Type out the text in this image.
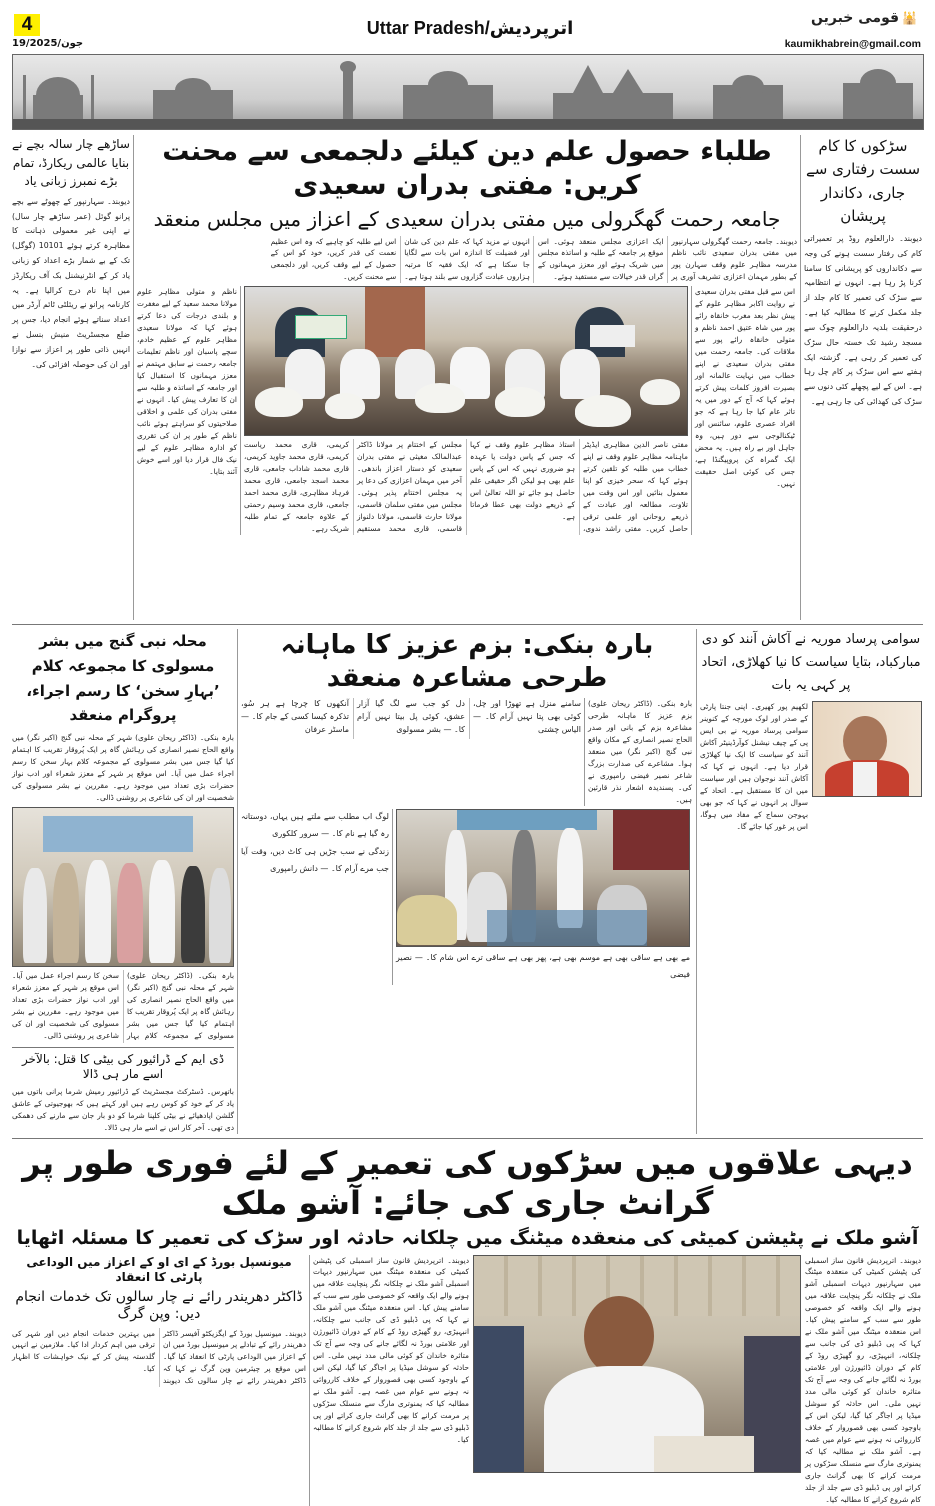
4
19/جون/2025
Uttar Pradesh/اترپردیش	قومی خبریں 🕌
kaumikhabrein@gmail.com
ساڑھے چار سالہ بچے نے بنایا عالمی ریکارڈ، تمام بڑے نمبرز زبانی یاد
دیوبند۔ سہارنپور کے چھوٹے سے بچے پرانو گوئل (عمر ساڑھے چار سال) نے اپنی غیر معمولی ذہانت کا مظاہرہ کرتے ہوئے 10101 (گوگل) تک کے بے شمار بڑے اعداد کو زبانی یاد کر کے انٹرنیشنل بک آف ریکارڈز میں اپنا نام درج کرالیا ہے۔ یہ کارنامہ پرانو نے ریئلٹی ٹائم آرڈر میں اعداد سناتے ہوئے انجام دیا، جس پر ضلع مجسٹریٹ منیش بنسل نے انہیں ذاتی طور پر اعزاز سے نوازا اور ان کی حوصلہ افزائی کی۔
طلباء حصول علم دین کیلئے دلجمعی سے محنت کریں: مفتی بدران سعیدی
جامعہ رحمت گھگرولی میں مفتی بدران سعیدی کے اعزاز میں مجلس منعقد

دیوبند۔ جامعہ رحمت گھگرولی سہارنپور میں مفتی بدران سعیدی نائب ناظم مدرسہ مظاہر علوم وقف سہارن پور کے بطور مہمان اعزازی تشریف آوری پر ایک اعزازی مجلس منعقد ہوئی۔ اس موقع پر جامعہ کے طلبہ و اساتذہ مجلس میں شریک ہوئے اور معزز مہمانوں کے گراں قدر خیالات سے مستفید ہوئے۔

انہوں نے مزید کہا کہ علم دین کی شان اور فضیلت کا اندازہ اس بات سے لگایا جا سکتا ہے کہ ایک فقیہ کا مرتبہ ہزاروں عبادت گزاروں سے بلند ہوتا ہے۔ اس لیے طلبہ کو چاہیے کہ وہ اس عظیم نعمت کی قدر کریں، خود کو اس کے حصول کے لیے وقف کریں، اور دلجمعی سے محنت کریں۔

ناظم و متولی مظاہر علوم مولانا محمد سعید کے لیے مغفرت و بلندی درجات کی دعا کرتے ہوئے کہا کہ مولانا سعیدی مظاہر علوم کے عظیم خادم، سچے پاسبان اور ناظم تعلیمات جامعہ رحمت نے سابق مہتمم نے معزز مہمانوں کا استقبال کیا اور جامعہ کے اساتذہ و طلبہ سے ان کا تعارف پیش کیا۔ انہوں نے مفتی بدران کی علمی و اخلاقی صلاحیتوں کو سراہتے ہوئے نائب ناظم کے طور پر ان کی تقرری کو ادارہ مظاہر علوم کے لیے نیک فال قرار دیا اور اسے خوش آئند بتایا۔

مفتی ناصر الدین مظاہری ایڈیٹر ماہنامہ مظاہر علوم وقف نے اپنے خطاب میں طلبہ کو تلقین کرتے ہوئے کہا کہ سحر خیزی کو اپنا معمول بنائیں اور اس وقت میں تلاوت، مطالعہ اور عبادت کے ذریعے روحانی اور علمی ترقی حاصل کریں۔ مفتی راشد ندوی، استاذ مظاہر علوم وقف نے کہا کہ جس کے پاس دولت یا عہدہ ہو ضروری نہیں کہ اس کے پاس علم بھی ہو لیکن اگر حقیقی علم حاصل ہو جائے تو اللہ تعالیٰ اس کے ذریعے دولت بھی عطا فرماتا ہے۔

مجلس کے اختتام پر مولانا ڈاکٹر عبدالمالک مغیثی نے مفتی بدران سعیدی کو دستار اعزاز باندھی۔ آخر میں مہمان اعزازی کی دعا پر یہ مجلس اختتام پذیر ہوئی۔ مجلس میں مفتی سلمان قاسمی، مولانا حارث قاسمی، مولانا دلنواز قاسمی، قاری محمد مستقیم کریمی، قاری محمد ریاست کریمی، قاری محمد جاوید کریمی، قاری محمد شاداب جامعی، قاری محمد اسجد جامعی، قاری محمد فرہاد مظاہری، قاری محمد احمد جامعی، قاری محمد وسیم رحمتی کے علاوہ جامعہ کے تمام طلبہ شریک رہے۔

اس سے قبل مفتی بدران سعیدی نے روایت اکابر مظاہر علوم کے پیش نظر بعد مغرب خانقاہ رائے پور میں شاہ عتیق احمد ناظم و متولی خانقاہ رائے پور سے ملاقات کی۔ جامعہ رحمت میں مفتی بدران سعیدی نے اپنے خطاب میں نہایت عالمانہ اور بصیرت افروز کلمات پیش کرتے ہوئے کہا کہ آج کے دور میں یہ تاثر عام کیا جا رہا ہے کہ جو افراد عصری علوم، سائنس اور ٹیکنالوجی سے دور ہیں، وہ جاہل اور بے راہ ہیں۔ یہ محض ایک گمراہ کن پروپیگنڈا ہے، جس کی کوئی اصل حقیقت نہیں۔
سڑکوں کا کام سست رفتاری سے جاری، دکاندار پریشان
دیوبند۔ دارالعلوم روڈ پر تعمیراتی کام کی رفتار سست ہونے کی وجہ سے دکانداروں کو پریشانی کا سامنا کرنا پڑ رہا ہے۔ انہوں نے انتظامیہ سے سڑک کی تعمیر کا کام جلد از جلد مکمل کرنے کا مطالبہ کیا ہے۔ درحقیقت بلدیہ دارالعلوم چوک سے مسجد رشید تک خستہ حال سڑک کی تعمیر کر رہی ہے۔ گزشتہ ایک ہفتے سے اس سڑک پر کام چل رہا ہے۔ اس کے لیے پچھلے کئی دنوں سے سڑک کی کھدائی کی جا رہی ہے۔
محلہ نبی گنج میں بشر مسولوی کا مجموعہ کلام ’بہارِ سخن‘ کا رسم اجراء، پروگرام منعقد
بارہ بنکی۔ (ڈاکٹر ریحان علوی) شہر کے محلہ نبی گنج (اکبر نگر) میں واقع الحاج نصیر انصاری کی رہائش گاہ پر ایک پُروقار تقریب کا اہتمام کیا گیا جس میں بشر مسولوی کے مجموعہ کلام بہار سخن کا رسم اجراء عمل میں آیا۔ اس موقع پر شہر کے معزز شعراء اور ادب نواز حضرات بڑی تعداد میں موجود رہے۔ مقررین نے بشر مسولوی کی شخصیت اور ان کی شاعری پر روشنی ڈالی۔

بارہ بنکی۔ (ڈاکٹر ریحان علوی) شہر کے محلہ نبی گنج (اکبر نگر) میں واقع الحاج نصیر انصاری کی رہائش گاہ پر ایک پُروقار تقریب کا اہتمام کیا گیا جس میں بشر مسولوی کے مجموعہ کلام بہار سخن کا رسم اجراء عمل میں آیا۔ اس موقع پر شہر کے معزز شعراء اور ادب نواز حضرات بڑی تعداد میں موجود رہے۔ مقررین نے بشر مسولوی کی شخصیت اور ان کی شاعری پر روشنی ڈالی۔

ڈی ایم کے ڈرائیور کی بیٹی کا قتل: بالآخر اسے مار ہی ڈالا
باتھرس۔ ڈسٹرکٹ مجسٹریٹ کے ڈرائیور رمیش شرما پرانی باتوں میں یاد کر کے خود کو کوس رہے ہیں اور کہتے ہیں کہ بھوجیوتی کے عاشق گلشن اپادھیائے نے بیٹی کلپنا شرما کو دو بار جان سے مارنے کی دھمکی دی تھی۔ آخر کار اس نے اسے مار ہی ڈالا۔
بارہ بنکی: بزم عزیز کا ماہانہ طرحی مشاعرہ منعقد

سامنے منزل ہے تھوڑا اور چل، کوئی بھی پتا نہیں آرام کا۔ — الیاس چشتی

دل کو جب سے لگ گیا آزار عشق، کوئی پل بیتا نہیں آرام کا۔ — بشر مسولوی

آنکھوں کا چرچا ہے ہر سُو، تذکرہ کیسا کسی کے جام کا۔ — ماسٹر عرفان

بارہ بنکی۔ (ڈاکٹر ریحان علوی) بزم عزیز کا ماہانہ طرحی مشاعرہ بزم کے بانی اور صدر الحاج نصیر انصاری کے مکان واقع نبی گنج (اکبر نگر) میں منعقد ہوا۔ مشاعرے کی صدارت بزرگ شاعر نصیر فیضی رامپوری نے کی۔ پسندیدہ اشعار نذر قارئین ہیں۔

لوگ اب مطلب سے ملتے ہیں یہاں، دوستانہ رہ گیا ہے نام کا۔ — سرور کلکوری

زندگی نے سب جڑیں ہی کاٹ دیں، وقت آیا جب مرے آرام کا۔ — دانش رامپوری

مے بھی ہے ساقی بھی ہے موسم بھی ہے، پھر بھی ہے ساقی ترے اس شام کا۔ — نصیر فیضی

سوامی پرساد موریہ نے آکاش آنند کو دی مبارکباد، بتایا سیاست کا نیا کھلاڑی، اتحاد پر کہی یہ بات
لکھیم پور کھیری۔ اپنی جنتا پارٹی کے صدر اور لوک مورچہ کے کنوینر سوامی پرساد موریہ نے بی ایس پی کے چیف نیشنل کوآرڈینیٹر آکاش آنند کو سیاست کا ایک نیا کھلاڑی قرار دیا ہے۔ انہوں نے کہا کہ آکاش آنند نوجوان ہیں اور سیاست میں ان کا مستقبل ہے۔ اتحاد کے سوال پر انہوں نے کہا کہ جو بھی بہوجن سماج کے مفاد میں ہوگا، اس پر غور کیا جائے گا۔
دیہی علاقوں میں سڑکوں کی تعمیر کے لئے فوری طور پر گرانٹ جاری کی جائے: آشو ملک
آشو ملک نے پٹیشن کمیٹی کی منعقدہ میٹنگ میں چلکانہ حادثہ اور سڑک کی تعمیر کا مسئلہ اٹھایا
میونسپل بورڈ کے ای او کے اعزاز میں الوداعی پارٹی کا انعقاد
ڈاکٹر دھریندر رائے نے چار سالوں تک خدمات انجام دیں: وپن گرگ

دیوبند۔ میونسپل بورڈ کے ایگزیکٹو آفیسر ڈاکٹر دھریندر رائے کے تبادلے پر میونسپل بورڈ میں ان کے اعزاز میں الوداعی پارٹی کا انعقاد کیا گیا۔ اس موقع پر چیئرمین وپن گرگ نے کہا کہ ڈاکٹر دھریندر رائے نے چار سالوں تک دیوبند میں بہترین خدمات انجام دیں اور شہر کی ترقی میں اہم کردار ادا کیا۔ ملازمین نے انہیں گلدستہ پیش کر کے نیک خواہشات کا اظہار کیا۔

دیوبند۔ اترپردیش قانون ساز اسمبلی کی پٹیشن کمیٹی کی منعقدہ میٹنگ میں سہارنپور دیہات اسمبلی آشو ملک نے چلکانہ نگر پنچایت علاقہ میں ہونے والے ایک واقعہ کو خصوصی طور سے سب کے سامنے پیش کیا۔ اس منعقدہ میٹنگ میں آشو ملک نے کہا کہ پی ڈبلیو ڈی کی جانب سے چلکانہ، انبہیڑی، رو گھیڑی روڈ کے کام کے دوران ڈائیورژن اور علامتی بورڈ نہ لگائے جانے کی وجہ سے آج تک متاثرہ خاندان کو کوئی مالی مدد نہیں ملی۔ اس حادثہ کو سوشل میڈیا پر اجاگر کیا گیا، لیکن اس کے باوجود کسی بھی قصوروار کے خلاف کارروائی نہ ہونے سے عوام میں غصہ ہے۔ آشو ملک نے مطالبہ کیا کہ یمنوتری مارگ سے منسلک سڑکوں پر مرمت کرانے کا بھی گرانٹ جاری کراتے اور پی ڈبلیو ڈی سے جلد از جلد کام شروع کرانے کا مطالبہ کیا۔
دیوبند۔ اترپردیش قانون ساز اسمبلی کی پٹیشن کمیٹی کی منعقدہ میٹنگ میں سہارنپور دیہات اسمبلی آشو ملک نے چلکانہ نگر پنچایت علاقہ میں ہونے والے ایک واقعہ کو خصوصی طور سے سب کے سامنے پیش کیا۔ اس منعقدہ میٹنگ میں آشو ملک نے کہا کہ پی ڈبلیو ڈی کی جانب سے چلکانہ، انبہیڑی، رو گھیڑی روڈ کے کام کے دوران ڈائیورژن اور علامتی بورڈ نہ لگائے جانے کی وجہ سے آج تک متاثرہ خاندان کو کوئی مالی مدد نہیں ملی۔ اس حادثہ کو سوشل میڈیا پر اجاگر کیا گیا، لیکن اس کے باوجود کسی بھی قصوروار کے خلاف کارروائی نہ ہونے سے عوام میں غصہ ہے۔ آشو ملک نے مطالبہ کیا کہ یمنوتری مارگ سے منسلک سڑکوں پر مرمت کرانے کا بھی گرانٹ جاری کراتے اور پی ڈبلیو ڈی سے جلد از جلد کام شروع کرانے کا مطالبہ کیا۔
